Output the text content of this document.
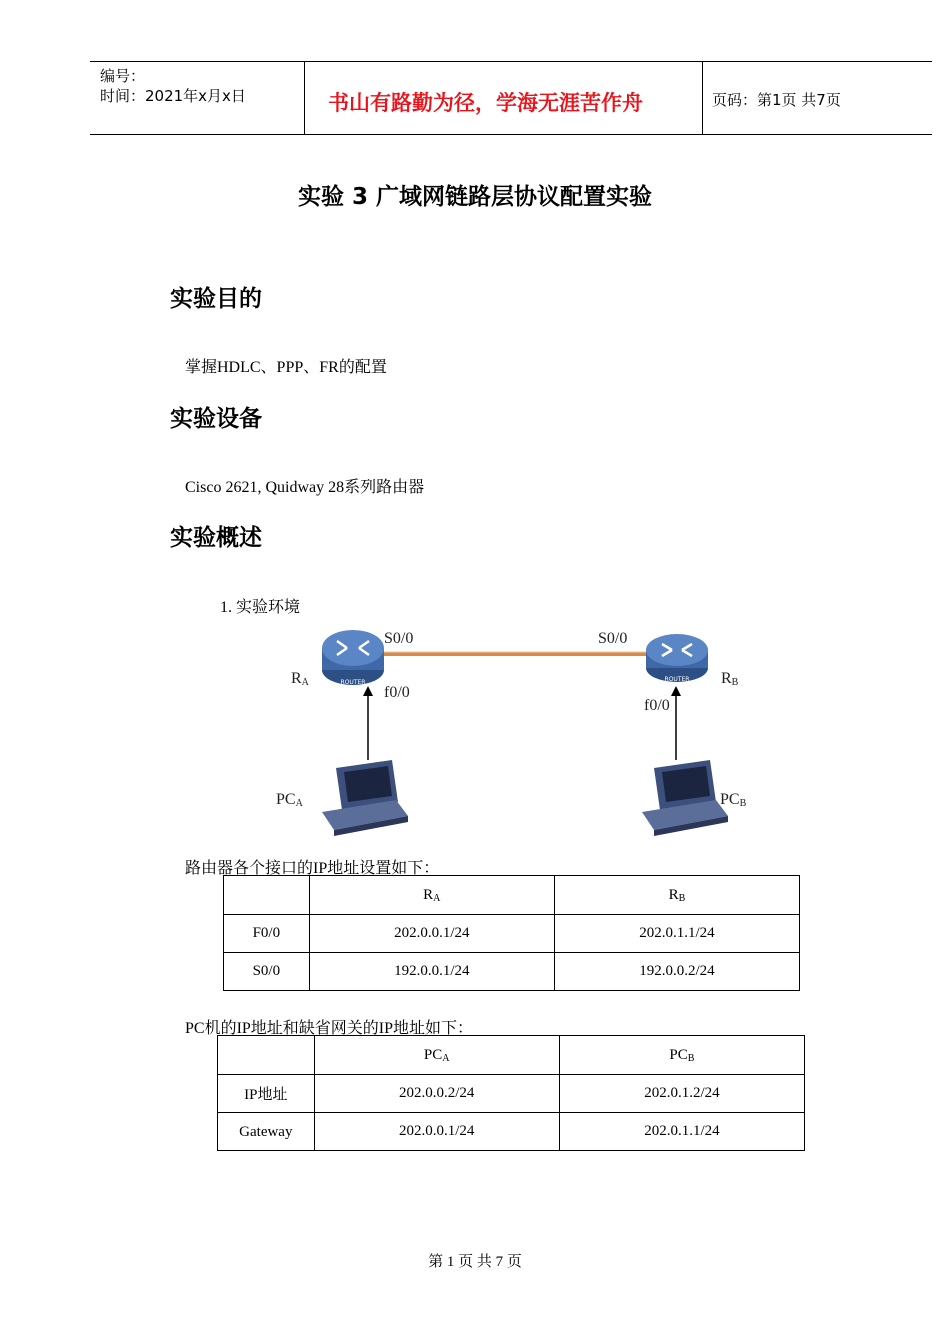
编号：
时间：2021年x月x日	书山有路勤为径，学海无涯苦作舟	页码：第1页 共7页
实验 3 广域网链路层协议配置实验
实验目的
掌握HDLC、PPP、FR的配置
实验设备
Cisco 2621, Quidway 28系列路由器
实验概述
1. 实验环境
ROUTER	ROUTER
S0/0	S0/0
$R_A$	$R_B$
f0/0
f0/0
$PC_A$	$PC_B$
路由器各个接口的IP地址设置如下：
	$R_A$	$R_B$
F0/0	202.0.0.1/24	202.0.1.1/24
S0/0	192.0.0.1/24	192.0.0.2/24
PC机的IP地址和缺省网关的IP地址如下：
	$PC_A$	$PC_B$
IP地址	202.0.0.2/24	202.0.1.2/24
Gateway	202.0.0.1/24	202.0.1.1/24
第 1 页 共 7 页
